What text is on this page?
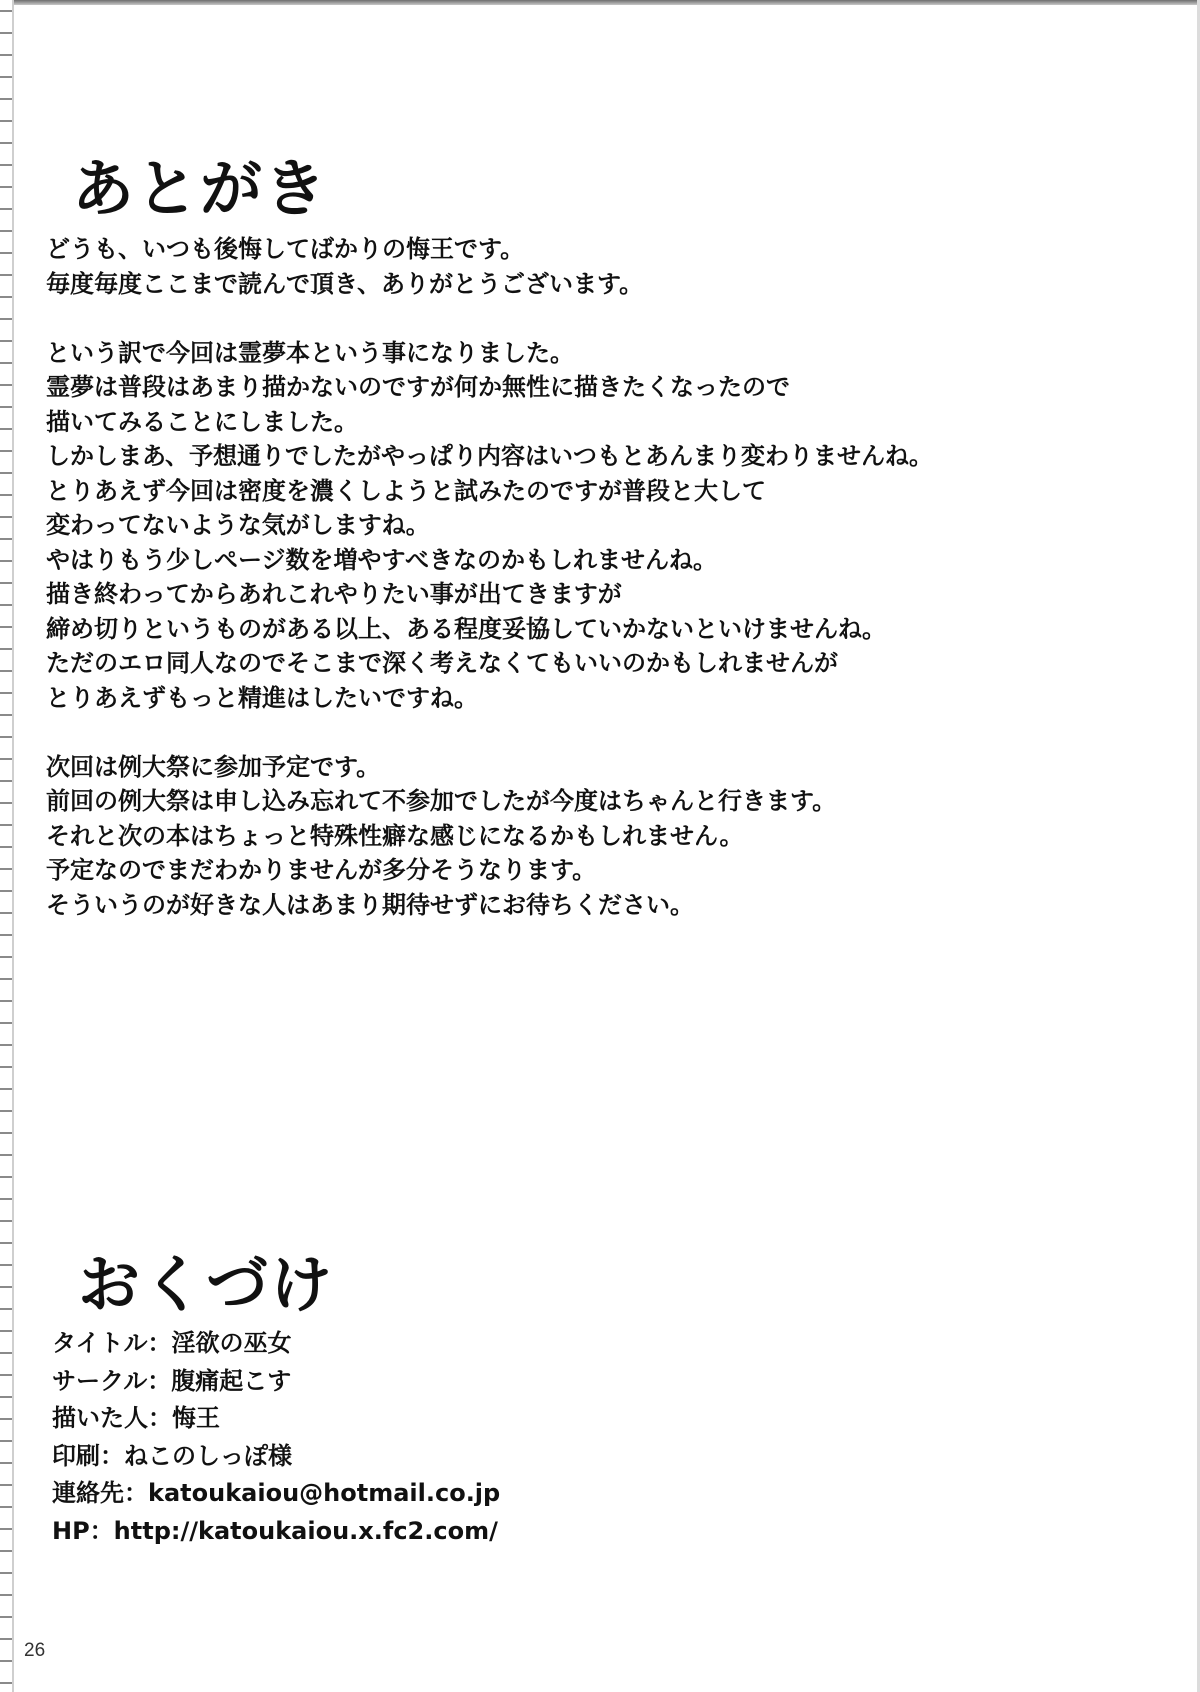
あとがき

どうも、いつも後悔してばかりの悔王です。
毎度毎度ここまで読んで頂き、ありがとうございます。

という訳で今回は霊夢本という事になりました。
霊夢は普段はあまり描かないのですが何か無性に描きたくなったので
描いてみることにしました。
しかしまあ、予想通りでしたがやっぱり内容はいつもとあんまり変わりませんね。
とりあえず今回は密度を濃くしようと試みたのですが普段と大して
変わってないような気がしますね。
やはりもう少しページ数を増やすべきなのかもしれませんね。
描き終わってからあれこれやりたい事が出てきますが
締め切りというものがある以上、ある程度妥協していかないといけませんね。
ただのエロ同人なのでそこまで深く考えなくてもいいのかもしれませんが
とりあえずもっと精進はしたいですね。

次回は例大祭に参加予定です。
前回の例大祭は申し込み忘れて不参加でしたが今度はちゃんと行きます。
それと次の本はちょっと特殊性癖な感じになるかもしれません。
予定なのでまだわかりませんが多分そうなります。
そういうのが好きな人はあまり期待せずにお待ちください。

おくづけ
タイトル：淫欲の巫女
サークル：腹痛起こす
描いた人：悔王
印刷：ねこのしっぽ様
連絡先：katoukaiou@hotmail.co.jp
HP：http://katoukaiou.x.fc2.com/
26
